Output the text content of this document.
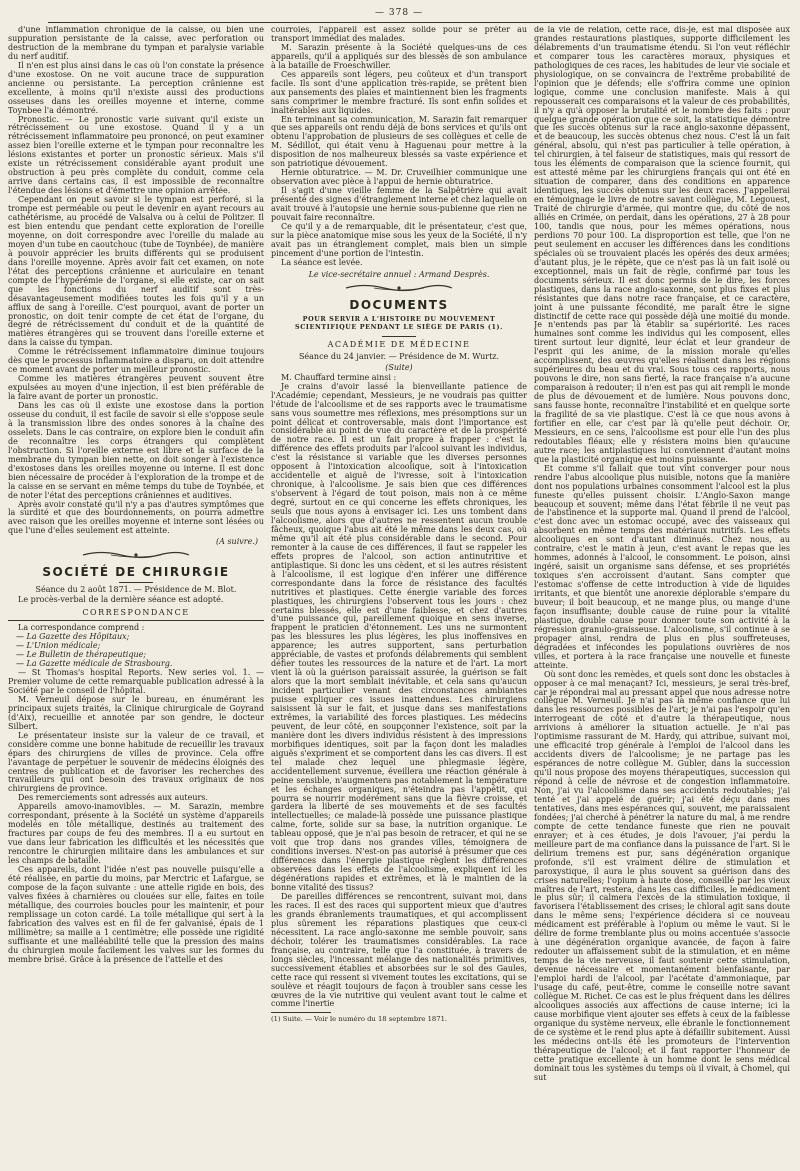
— 378 —

d'une inflammation chronique de la caisse, ou bien une suppuration persistante de la caisse, avec perforation ou destruction de la membrane du tympan et paralysie variable du nerf auditif.

Il n'en est plus ainsi dans le cas où l'on constate la présence d'une exostose. On ne voit aucune trace de suppuration ancienne ou persistante. La perception crânienne est excellente, à moins qu'il n'existe aussi des productions osseuses dans les oreilles moyenne et interne, comme Toynbee l'a démontré.

Pronostic. — Le pronostic varie suivant qu'il existe un rétrécissement ou une exostose. Quand il y a un rétrécissement inflammatoire peu prononcé, on peut examiner assez bien l'oreille externe et le tympan pour reconnaître les lésions existantes et porter un pronostic sérieux. Mais s'il existe un rétrécissement considérable ayant produit une obstruction à peu près complète du conduit, comme cela arrive dans certains cas, il est impossible de reconnaître l'étendue des lésions et d'émettre une opinion arrêtée.

Cependant on peut savoir si le tympan est perforé, si la trompe est perméable ou peut le devenir en ayant recours au cathétérisme, au procédé de Valsalva ou à celui de Politzer. Il est bien entendu que pendant cette exploration de l'oreille moyenne, on doit correspondre avec l'oreille du malade au moyen d'un tube en caoutchouc (tube de Toynbée), de manière à pouvoir apprécier les bruits différents qui se produisent dans l'oreille moyenne. Après avoir fait cet examen, on note l'état des perceptions crânienne et auriculaire en tenant compte de l'hypérémie de l'organe, si elle existe, car on sait que les fonctions du nerf auditif sont très-désavantageusement modifiées toutes les fois qu'il y a un afflux de sang à l'oreille. C'est pourquoi, avant de porter un pronostic, on doit tenir compte de cet état de l'organe, du degré de rétrécissement du conduit et de la quantité de matières étrangères qui se trouvent dans l'oreille externe et dans la caisse du tympan.

Comme le rétrécissement inflammatoire diminue toujours dès que le processus inflammatoire a disparu, on doit attendre ce moment avant de porter un meilleur pronostic.

Comme les matières étrangères peuvent souvent être expulsées au moyen d'une injection, il est bien préférable de la faire avant de porter un pronostic.

Dans les cas où il existe une exostose dans la portion osseuse du conduit, il est facile de savoir si elle s'oppose seule à la transmission libre des ondes sonores à la chaîne des osselets. Dans le cas contraire, on explore bien le conduit afin de reconnaître les corps étrangers qui complètent l'obstruction. Si l'oreille externe est libre et la surface de la membrane du tympan bien nette, on doit songer à l'existence d'exostoses dans les oreilles moyenne ou interne. Il est donc bien nécessaire de procéder à l'exploration de la trompe et de la caisse en se servant en même temps du tube de Toynbée, et de noter l'état des perceptions crâniennes et auditives.

Après avoir constaté qu'il n'y a pas d'autres symptômes que la surdité et que des bourdonnements, on pourra admettre avec raison que les oreilles moyenne et interne sont lésées ou que l'une d'elles seulement est atteinte.

(A suivre.)
SOCIÉTÉ DE CHIRURGIE
Séance du 2 août 1871. — Présidence de M. Blot.

Le procès-verbal de la dernière séance est adopté.

CORRESPONDANCE

La correspondance comprend :

— La Gazette des Hôpitaux;
— L'Union médicale;
— Le Bulletin de thérapeutique;
— La Gazette médicale de Strasbourg.

— St Thomas's hospital Reports. New series vol. 1. — Premier volume de cette remarquable publication adressé à la Société par le conseil de l'hôpital.

M. Verneuil dépose sur le bureau, en énumérant les principaux sujets traités, la Clinique chirurgicale de Goyrand (d'Aix), recueillie et annotée par son gendre, le docteur Silbert.

Le présentateur insiste sur la valeur de ce travail, et considère comme une bonne habitude de recueillir les travaux épars des chirurgiens de villes de province. Cela offre l'avantage de perpétuer le souvenir de médecins éloignés des centres de publication et de favoriser les recherches des travailleurs qui ont besoin des travaux originaux de nos chirurgiens de province.

Des remerciements sont adressés aux auteurs.

Appareils amovo-inamovibles. — M. Sarazin, membre correspondant, présente à la Société un système d'appareils modelés en tôle métallique, destinés au traitement des fractures par coups de feu des membres. Il a eu surtout en vue dans leur fabrication les difficultés et les nécessités que rencontre le chirurgien militaire dans les ambulances et sur les champs de bataille.

Ces appareils, dont l'idée n'est pas nouvelle puisqu'elle a été réalisée, en partie du moins, par Merctric et Lafargue, se compose de la façon suivante : une attelle rigide en bois, des valves fixées à charnières ou clouées sur elle, faites en toile métallique, des courroies boucles pour les maintenir, et pour remplissage un coton cardé. La toile métallique qui sert à la fabrication des valves est en fil de fer galvanisé, épais de 1 millimètre; sa maille a 1 centimètre; elle possède une rigidité suffisante et une malléabilité telle que la pression des mains du chirurgien moule facilement les valves sur les formes du membre brisé. Grâce à la présence de l'attelle et des

courroies, l'appareil est assez solide pour se prêter au transport immédiat des malades.

M. Sarazin présente à la Société quelques-uns de ces appareils, qu'il a appliqués sur des blessés de son ambulance à la bataille de Froeschwiller.

Ces appareils sont légers, peu coûteux et d'un transport facile. Ils sont d'une application très-rapide, se prêtent bien aux pansements des plaies et maintiennent bien les fragments sans comprimer le membre fracturé. Ils sont enfin solides et inaltérables aux liquides.

En terminant sa communication, M. Sarazin fait remarquer que ses appareils ont rendu déjà de bons services et qu'ils ont obtenu l'approbation de plusieurs de ses collègues et celle de M. Sédillot, qui était venu à Haguenau pour mettre à la disposition de nos malheureux blessés sa vaste expérience et son patriotique dévouement.

Hernie obturatrice. — M. Dr. Cruveilhier communique une observation avec pièce à l'appui de hernie obturatrice.

Il s'agit d'une vieille femme de la Salpêtrière qui avait présenté des signes d'étranglement interne et chez laquelle on avait trouvé à l'autopsie une hernie sous-pubienne que rien ne pouvait faire reconnaître.

Ce qu'il y a de remarquable, dit le présentateur, c'est que, sur la pièce anatomique mise sous les yeux de la Société, il n'y avait pas un étranglement complet, mais bien un simple pincement d'une portion de l'intestin.

La séance est levée.

Le vice-secrétaire annuel : Armand Desprès.
DOCUMENTS
POUR SERVIR A L'HISTOIRE DU MOUVEMENT SCIENTIFIQUE PENDANT LE SIÈGE DE PARIS (1).
ACADÉMIE DE MÉDECINE
Séance du 24 janvier. — Présidence de M. Wurtz.
(Suite)

M. Chauffard termine ainsi :

Je crains d'avoir lassé la bienveillante patience de l'Académie; cependant, Messieurs, je ne voudrais pas quitter l'étude de l'alcoolisme et de ses rapports avec le traumatisme sans vous soumettre mes réflexions, mes présomptions sur un point délicat et controversable, mais dont l'importance est considérable au point de vue du caractère et de la prospérité de notre race. Il est un fait propre à frapper : c'est la différence des effets produits par l'alcool suivant les individus, c'est la résistance si variable que les diverses personnes opposent à l'intoxication alcoolique, soit à l'intoxication accidentelle et aiguë de l'ivresse, soit à l'intoxication chronique, à l'alcoolisme. Je sais bien que ces différences s'observent à l'égard de tout poison, mais non à ce même degré, surtout en ce qui concerne les effets chroniques, les seuls que nous ayons à envisager ici. Les uns tombent dans l'alcoolisme, alors que d'autres ne ressentent aucun trouble fâcheux, quoique l'abus ait été le même dans les deux cas, où même qu'il ait été plus considérable dans le second. Pour remonter à la cause de ces différences, il faut se rappeler les effets propres de l'alcool, son action antinutritive et antiplastique. Si donc les uns cèdent, et si les autres résistent à l'alcoolisme, il est logique d'en inférer une différence correspondante dans la force de résistance des facultés nutritives et plastiques. Cette énergie variable des forces plastiques, les chirurgiens l'observent tous les jours : chez certains blessés, elle est d'une faiblesse, et chez d'autres d'une puissance qui, pareillement quoique en sens inverse, frappent le praticien d'étonnement. Les uns ne surmontent pas les blessures les plus légères, les plus inoffensives en apparence; les autres supportent, sans perturbation appréciable, de vastes et profonds délabrements qui semblent défier toutes les ressources de la nature et de l'art. La mort vient là où la guérison paraissait assurée, la guérison se fait alors que la mort semblait inévitable, et cela sans qu'aucun incident particulier venant des circonstances ambiantes puisse expliquer ces issues inattendues. Les chirurgiens saisissent là sur le fait, et jusque dans ses manifestations extrêmes, la variabilité des forces plastiques. Les médecins peuvent, de leur côté, en soupçonner l'existence, soit par la manière dont les divers individus résistent à des impressions morbifiques identiques, soit par la façon dont les maladies aiguës s'expriment et se comportent dans les cas divers. Il est tel malade chez lequel une phlegmasie légère, accidentellement survenue, éveillera une réaction générale à peine sensible, n'augmentera pas notablement la température et les échanges organiques, n'éteindra pas l'appétit, qui pourra se nourrir modérément sans que la fièvre croisse, et gardera la liberté de ses mouvements et de ses facultés intellectuelles; ce malade-là possède une puissance plastique calme, forte, solide sur sa base, la nutrition organique. Le tableau opposé, que je n'ai pas besoin de retracer, et qui ne se voit que trop dans nos grandes villes, témoignera de conditions inverses. N'est-on pas autorisé à présumer que ces différences dans l'énergie plastique règlent les différences observées dans les effets de l'alcoolisme, expliquent ici les dégénérations rapides et extrêmes, et là le maintien de la bonne vitalité des tissus?

De pareilles différences se rencontrent, suivant moi, dans les races. Il est des races qui supportent mieux que d'autres les grands ébranlements traumatiques, et qui accomplissent plus sûrement les réparations plastiques que ceux-ci nécessitent. La race anglo-saxonne me semble pouvoir, sans déchoir, tolérer les traumatismes considérables. La race française, au contraire, telle que l'a constituée, à travers de longs siècles, l'incessant mélange des nationalités primitives, successivement établies et absorbées sur le sol des Gaules, cette race qui ressent si vivement toutes les excitations, qui se soulève et réagit toujours de façon à troubler sans cesse les œuvres de la vie nutritive qui veulent avant tout le calme et comme l'inertie

(1) Suite. — Voir le numéro du 18 septembre 1871.

de la vie de relation, cette race, dis-je, est mal disposée aux grandes restaurations plastiques, supporte difficilement les délabrements d'un traumatisme étendu. Si l'on veut réfléchir et comparer tous les caractères moraux, physiques et pathologiques de ces races, les habitudes de leur vie sociale et physiologique, on se convaincra de l'extrême probabilité de l'opinion que je défends; elle s'offrira comme une opinion logique, comme une conclusion manifeste. Mais à qui repousserait ces comparaisons et la valeur de ces probabilités, il n'y a qu'à opposer la brutalité et le nombre des faits : pour quelque grande opération que ce soit, la statistique démontre que les succès obtenus sur la race anglo-saxonne dépassent, et de beaucoup, les succès obtenus chez nous. C'est là un fait général, absolu, qui n'est pas particulier à telle opération, à tel chirurgien, à tel faiseur de statistiques, mais qui ressort de tous les éléments de comparaison que la science fournit, qui est attesté même par les chirurgiens français qui ont été en situation de comparer, dans des conditions en apparence identiques, les succès obtenus sur les deux races. J'appellerai en témoignage le livre de notre savant collègue, M. Legouest, Traité de chirurgie d'armée, qui montre que, du côté de nos alliés en Crimée, on perdait, dans les opérations, 27 à 28 pour 100, tandis que nous, pour les mêmes opérations, nous perdions 70 pour 100. La disproportion est telle, que l'on ne peut seulement en accuser les différences dans les conditions spéciales où se trouvaient placés les opérés des deux armées; d'autant plus, je le répète, que ce n'est pas là un fait isolé ou exceptionnel, mais un fait de règle, confirmé par tous les documents sérieux. Il est donc permis de le dire, les forces plastiques, dans la race anglo-saxonne, sont plus fixes et plus résistantes que dans notre race française, et ce caractère, joint à une puissante fécondité, me paraît être le signe distinctif de cette race qui possède déjà une moitié du monde. Je n'entends pas par là établir sa supériorité. Les races humaines sont comme les individus qui les composent, elles tirent surtout leur dignité, leur éclat et leur grandeur de l'esprit qui les anime, de la mission morale qu'elles accomplissent, des œuvres qu'elles réalisent dans les régions supérieures du beau et du vrai. Sous tous ces rapports, nous pouvons le dire, non sans fierté, la race française n'a aucune comparaison à redouter; il n'en est pas qui ait rempli le monde de plus de dévouement et de lumière. Nous pouvons donc, sans fausse honte, reconnaître l'instabilité et en quelque sorte la fragilité de sa vie plastique. C'est là ce que nous avons à fortifier en elle, car c'est par là qu'elle peut déchoir. Or, Messieurs, en ce sens, l'alcoolisme est pour elle l'un des plus redoutables fléaux; elle y résistera moins bien qu'aucune autre race; les antiplastiques lui conviennent d'autant moins que la plasticité organique est moins puissante.

Et comme s'il fallait que tout vînt converger pour nous rendre l'abus alcoolique plus nuisible, notons que la manière dont nos populations urbaines consomment l'alcool est la plus funeste qu'elles puissent choisir. L'Anglo-Saxon mange beaucoup et souvent; même dans l'état fébrile il ne veut pas de l'abstinence et la supporte mal. Quand il prend de l'alcool, c'est donc avec un estomac occupé, avec des vaisseaux qui absorbent en même temps des matériaux nutritifs. Les effets alcooliques en sont d'autant diminués. Chez nous, au contraire, c'est le matin à jeun, c'est avant le repas que les hommes, adonnés à l'alcool, le consomment. Le poison, ainsi ingéré, saisit un organisme sans défense, et ses propriétés toxiques s'en accroissent d'autant. Sans compter que l'estomac s'offense de cette introduction à vide de liquides irritants, et que bientôt une anorexie déplorable s'empare du buveur; il boit beaucoup, et ne mange plus, ou mange d'une façon insuffisante; double cause de ruine pour la vitalité plastique, double cause pour donner toute son activité à la régression granulo-graisseuse. L'alcoolisme, s'il continue à se propager ainsi, rendra de plus en plus souffreteuses, dégradées et infécondes les populations ouvrières de nos villes, et portera à la race française une nouvelle et funeste atteinte.

Où sont donc les remèdes, et quels sont donc les obstacles à opposer à ce mal menaçant? Ici, messieurs, je serai très-bref, car je répondrai mal au pressant appel que nous adresse notre collègue M. Verneuil. Je n'ai pas la même confiance que lui dans les ressources possibles de l'art; je n'ai pas l'espoir qu'en interrogeant de côté et d'autre la thérapeutique, nous arrivions à améliorer la situation actuelle. Je n'ai pas l'optimisme rassurant de M. Hardy, qui attribue, suivant moi, une efficacité trop générale à l'emploi de l'alcool dans les accidents divers de l'alcoolisme; je ne partage pas les espérances de notre collègue M. Gubler, dans la succession qu'il nous propose des moyens thérapeutiques, succession qui répond à celle de névrose et de congestion inflammatoire. Non, j'ai vu l'alcoolisme dans ses accidents redoutables; j'ai tenté et j'ai appelé de guérir; j'ai été déçu dans mes tentatives, dans mes espérances qui, souvent, me paraissaient fondées; j'ai cherché à pénétrer la nature du mal, à me rendre compte de cette tendance funeste que rien ne pouvait enrayer; et à ces études, je dois l'avouer, j'ai perdu la meilleure part de ma confiance dans la puissance de l'art. Si le delirium tremens est pur, sans dégénération organique profonde, s'il est vraiment délire de stimulation et paroxystique, il aura le plus souvent sa guérison dans des crises naturelles; l'opium à haute dose, conseillé par les vieux maîtres de l'art, restera, dans les cas difficiles, le médicament le plus sûr; il calmera l'excès de la stimulation toxique, il favorisera l'établissement des crises; le chloral agit sans doute dans le même sens; l'expérience décidera si ce nouveau médicament est préférable à l'opium ou même le vaut. Si le délire de forme tremblante plus ou moins accentuée s'associe à une dégénération organique avancée, de façon à faire redouter un affaissement subit de la stimulation, et en même temps de la vie nerveuse, il faut soutenir cette stimulation, devenue nécessaire et momentanément bienfaisante, par l'emploi hardi de l'alcool, par l'acétate d'ammoniaque, par l'usage du café, peut-être, comme le conseille notre savant collègue M. Richet. Ce cas est le plus fréquent dans les délires alcooliques associés aux affections de cause interne; ici la cause morbifique vient ajouter ses effets à ceux de la faiblesse organique du système nerveux, elle ébranle le fonctionnement de ce système et le rend plus apte à défaillir subitement. Aussi les médecins ont-ils été les promoteurs de l'intervention thérapeutique de l'alcool; et il faut rapporter l'honneur de cette pratique excellente à un homme dont le sens médical dominait tous les systèmes du temps où il vivait, à Chomel, qui sut
